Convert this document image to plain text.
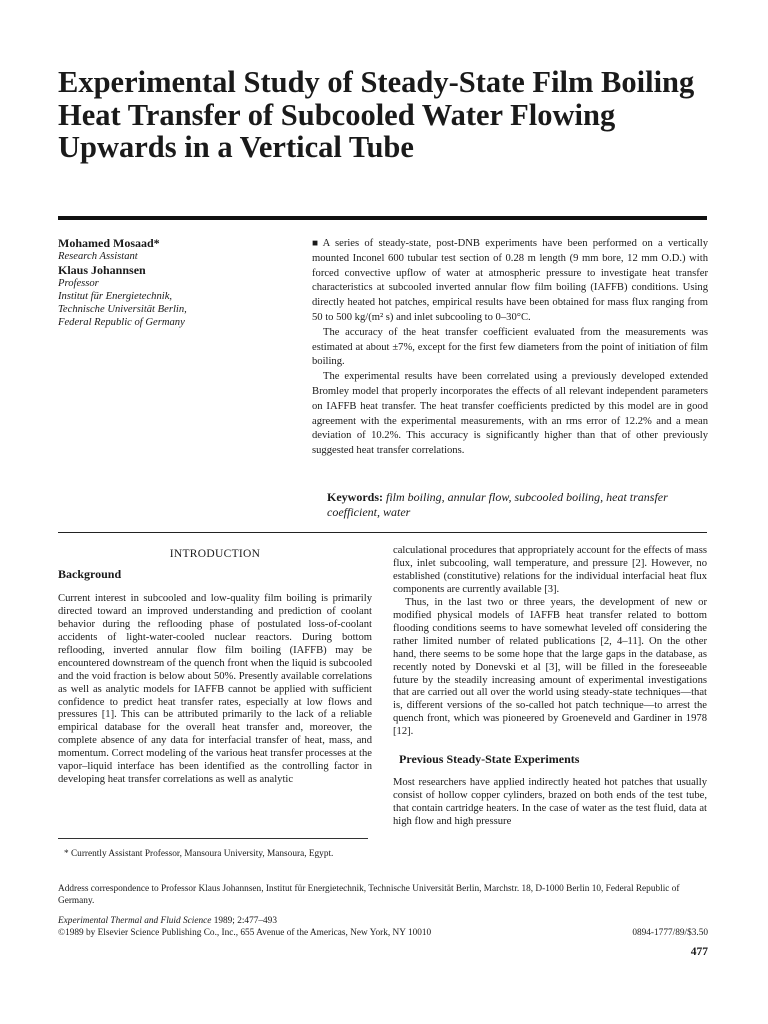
Experimental Study of Steady-State Film Boiling Heat Transfer of Subcooled Water Flowing Upwards in a Vertical Tube
Mohamed Mosaad*
Research Assistant
Klaus Johannsen
Professor
Institut für Energietechnik,
Technische Universität Berlin,
Federal Republic of Germany

■ A series of steady-state, post-DNB experiments have been performed on a vertically mounted Inconel 600 tubular test section of 0.28 m length (9 mm bore, 12 mm O.D.) with forced convective upflow of water at atmospheric pressure to investigate heat transfer characteristics at subcooled inverted annular flow film boiling (IAFFB) conditions. Using directly heated hot patches, empirical results have been obtained for mass flux ranging from 50 to 500 kg/(m² s) and inlet subcooling to 0–30°C.

The accuracy of the heat transfer coefficient evaluated from the measurements was estimated at about ±7%, except for the first few diameters from the point of initiation of film boiling.

The experimental results have been correlated using a previously developed extended Bromley model that properly incorporates the effects of all relevant independent parameters on IAFFB heat transfer. The heat transfer coefficients predicted by this model are in good agreement with the experimental measurements, with an rms error of 12.2% and a mean deviation of 10.2%. This accuracy is significantly higher than that of other previously suggested heat transfer correlations.

Keywords: film boiling, annular flow, subcooled boiling, heat transfer coefficient, water
INTRODUCTION
Background

Current interest in subcooled and low-quality film boiling is primarily directed toward an improved understanding and prediction of coolant behavior during the reflooding phase of postulated loss-of-coolant accidents of light-water-cooled nuclear reactors. During bottom reflooding, inverted annular flow film boiling (IAFFB) may be encountered downstream of the quench front when the liquid is subcooled and the void fraction is below about 50%. Presently available correlations as well as analytic models for IAFFB cannot be applied with sufficient confidence to predict heat transfer rates, especially at low flows and pressures [1]. This can be attributed primarily to the lack of a reliable empirical database for the overall heat transfer and, moreover, the complete absence of any data for interfacial transfer of heat, mass, and momentum. Correct modeling of the various heat transfer processes at the vapor–liquid interface has been identified as the controlling factor in developing heat transfer correlations as well as analytic

calculational procedures that appropriately account for the effects of mass flux, inlet subcooling, wall temperature, and pressure [2]. However, no established (constitutive) relations for the individual interfacial heat flux components are currently available [3].

Thus, in the last two or three years, the development of new or modified physical models of IAFFB heat transfer related to bottom flooding conditions seems to have somewhat leveled off considering the rather limited number of related publications [2, 4–11]. On the other hand, there seems to be some hope that the large gaps in the database, as recently noted by Donevski et al [3], will be filled in the foreseeable future by the steadily increasing amount of experimental investigations that are carried out all over the world using steady-state techniques—that is, different versions of the so-called hot patch technique—to arrest the quench front, which was pioneered by Groeneveld and Gardiner in 1978 [12].

Previous Steady-State Experiments

Most researchers have applied indirectly heated hot patches that usually consist of hollow copper cylinders, brazed on both ends of the test tube, that contain cartridge heaters. In the case of water as the test fluid, data at high flow and high pressure

* Currently Assistant Professor, Mansoura University, Mansoura, Egypt.
Address correspondence to Professor Klaus Johannsen, Institut für Energietechnik, Technische Universität Berlin, Marchstr. 18, D-1000 Berlin 10, Federal Republic of Germany.
Experimental Thermal and Fluid Science 1989; 2:477–493
©1989 by Elsevier Science Publishing Co., Inc., 655 Avenue of the Americas, New York, NY 10010	0894-1777/89/$3.50
477
